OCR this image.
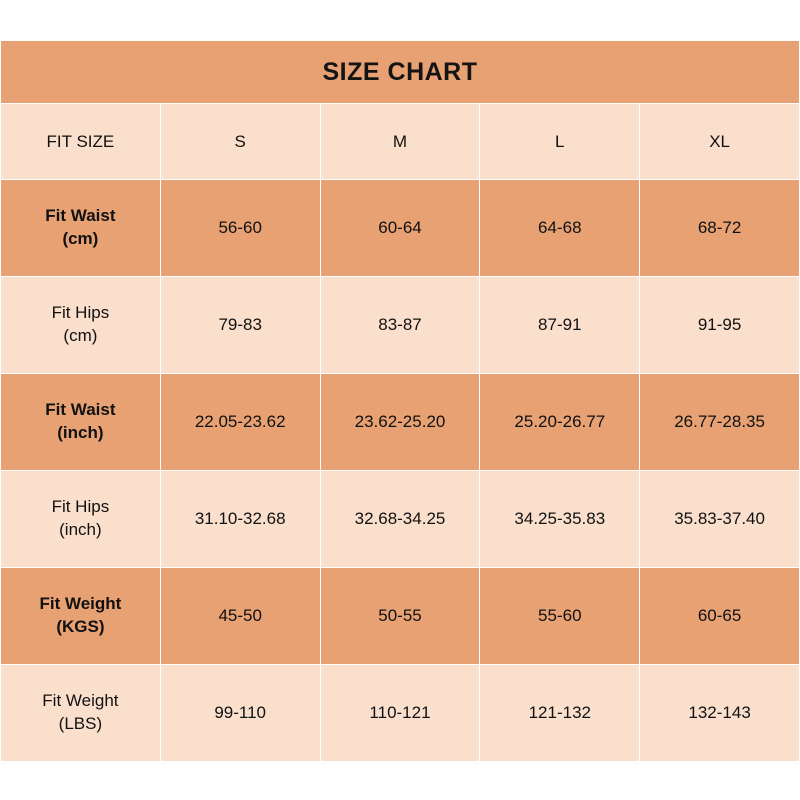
SIZE CHART				
FIT SIZE	S	M	L	XL

Fit Waist
(cm)	56-60	60-64	64-68	68-72

Fit Hips
(cm)	79-83	83-87	87-91	91-95

Fit Waist
(inch)	22.05-23.62	23.62-25.20	25.20-26.77	26.77-28.35

Fit Hips
(inch)	31.10-32.68	32.68-34.25	34.25-35.83	35.83-37.40

Fit Weight
(KGS)	45-50	50-55	55-60	60-65

Fit Weight
(LBS)	99-110	110-121	121-132	132-143
